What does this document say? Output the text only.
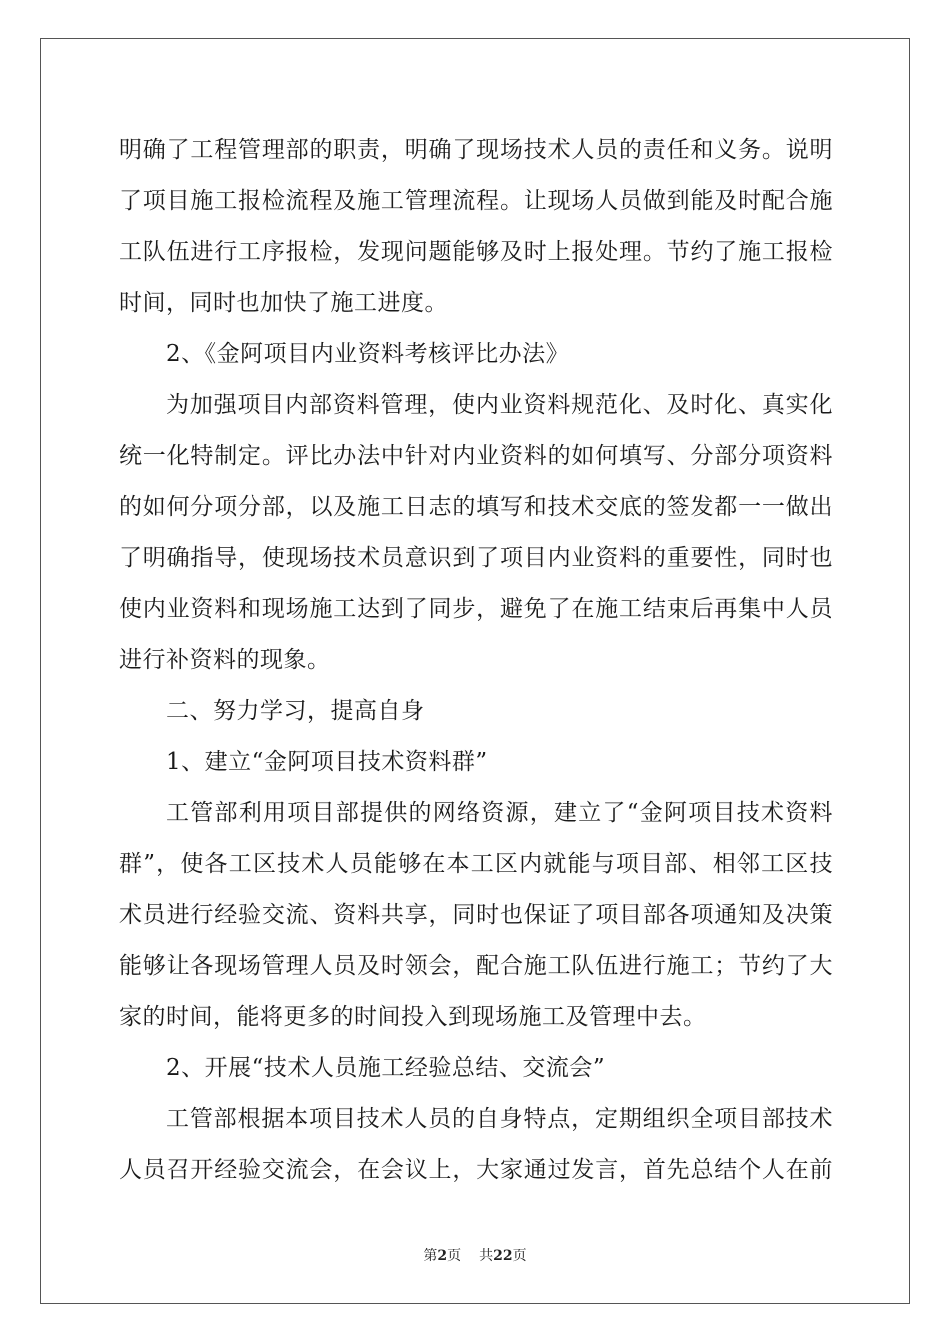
明确了工程管理部的职责，明确了现场技术人员的责任和义务。说明
了项目施工报检流程及施工管理流程。让现场人员做到能及时配合施
工队伍进行工序报检，发现问题能够及时上报处理。节约了施工报检
时间，同时也加快了施工进度。
2、《金阿项目内业资料考核评比办法》
为加强项目内部资料管理，使内业资料规范化、及时化、真实化
统一化特制定。评比办法中针对内业资料的如何填写、分部分项资料
的如何分项分部，以及施工日志的填写和技术交底的签发都一一做出
了明确指导，使现场技术员意识到了项目内业资料的重要性，同时也
使内业资料和现场施工达到了同步，避免了在施工结束后再集中人员
进行补资料的现象。
二、努力学习，提高自身
1、建立“金阿项目技术资料群”
工管部利用项目部提供的网络资源，建立了“金阿项目技术资料
群”，使各工区技术人员能够在本工区内就能与项目部、相邻工区技
术员进行经验交流、资料共享，同时也保证了项目部各项通知及决策
能够让各现场管理人员及时领会，配合施工队伍进行施工；节约了大
家的时间，能将更多的时间投入到现场施工及管理中去。
2、开展“技术人员施工经验总结、交流会”
工管部根据本项目技术人员的自身特点，定期组织全项目部技术
人员召开经验交流会，在会议上，大家通过发言，首先总结个人在前
第2页 共22页
